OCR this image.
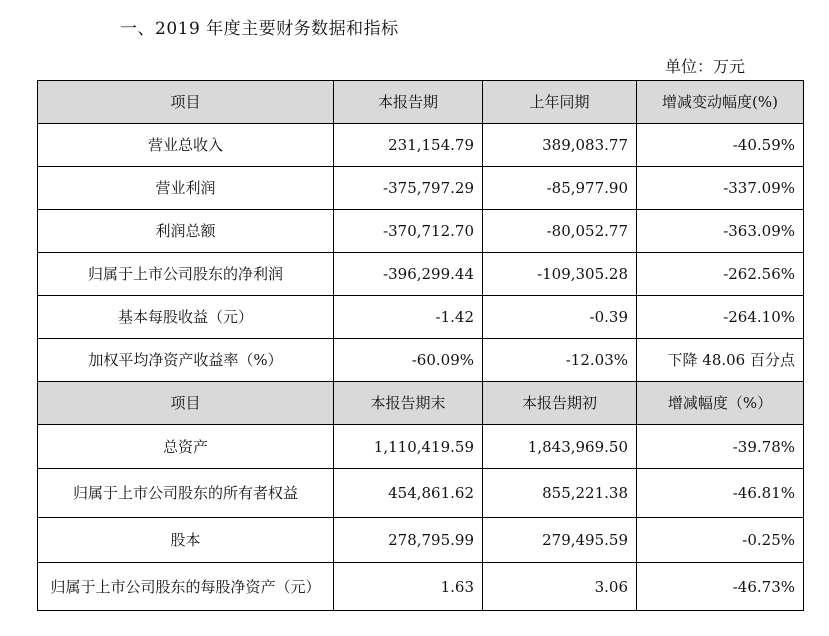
一、2019 年度主要财务数据和指标
单位：万元
项目	本报告期	上年同期	增减变动幅度(%)
营业总收入	231,154.79	389,083.77	-40.59%
营业利润	-375,797.29	-85,977.90	-337.09%
利润总额	-370,712.70	-80,052.77	-363.09%
归属于上市公司股东的净利润	-396,299.44	-109,305.28	-262.56%
基本每股收益（元）	-1.42	-0.39	-264.10%
加权平均净资产收益率（%）	-60.09%	-12.03%	下降 48.06 百分点
项目	本报告期末	本报告期初	增减幅度（%）
总资产	1,110,419.59	1,843,969.50	-39.78%
归属于上市公司股东的所有者权益	454,861.62	855,221.38	-46.81%
股本	278,795.99	279,495.59	-0.25%
归属于上市公司股东的每股净资产（元）	1.63	3.06	-46.73%
